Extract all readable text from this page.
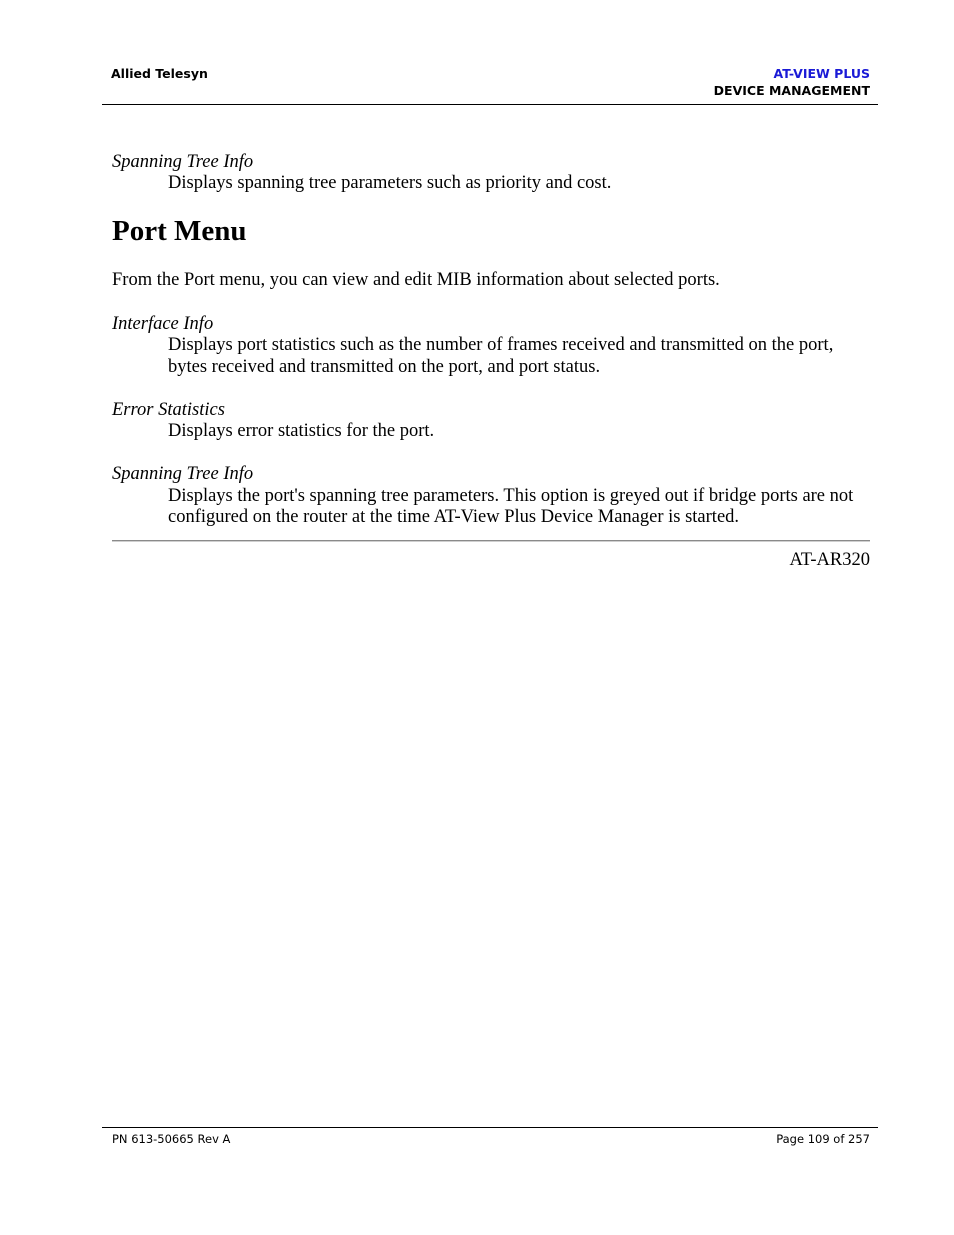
Allied Telesyn	AT-VIEW PLUS
DEVICE MANAGEMENT
Spanning Tree Info
Displays spanning tree parameters such as priority and cost.
Port Menu
From the Port menu, you can view and edit MIB information about selected ports.
Interface Info
Displays port statistics such as the number of frames received and transmitted on the port,
bytes received and transmitted on the port, and port status.
Error Statistics
Displays error statistics for the port.
Spanning Tree Info
Displays the port's spanning tree parameters. This option is greyed out if bridge ports are not
configured on the router at the time AT-View Plus Device Manager is started.
AT-AR320
PN 613-50665 Rev A	Page 109 of 257
